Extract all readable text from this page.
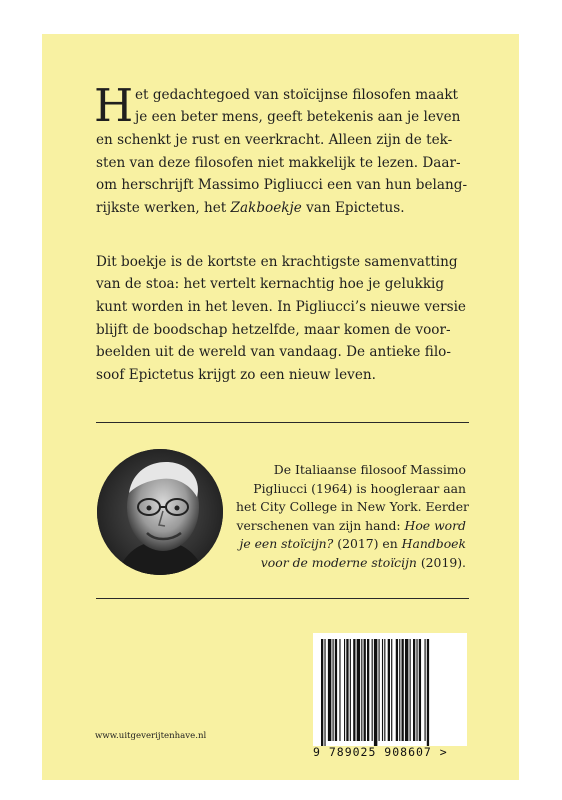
H et gedachtegoed van stoïcijnse filosofen maakt
je een beter mens, geeft betekenis aan je leven
en schenkt je rust en veerkracht. Alleen zijn de tek-
sten van deze filosofen niet makkelijk te lezen. Daar-
om herschrijft Massimo Pigliucci een van hun belang-
rijkste werken, het Zakboekje van Epictetus.
Dit boekje is de kortste en krachtigste samenvatting
van de stoa: het vertelt kernachtig hoe je gelukkig
kunt worden in het leven. In Pigliucci’s nieuwe versie
blijft de boodschap hetzelfde, maar komen de voor-
beelden uit de wereld van vandaag. De antieke filo-
soof Epictetus krijgt zo een nieuw leven.
De Italiaanse filosoof Massimo
Pigliucci (1964) is hoogleraar aan
het City College in New York. Eerder
verschenen van zijn hand: Hoe word
je een stoïcijn? (2017) en Handboek
voor de moderne stoïcijn (2019).
www.uitgeverijtenhave.nl
9 789025 908607 >
